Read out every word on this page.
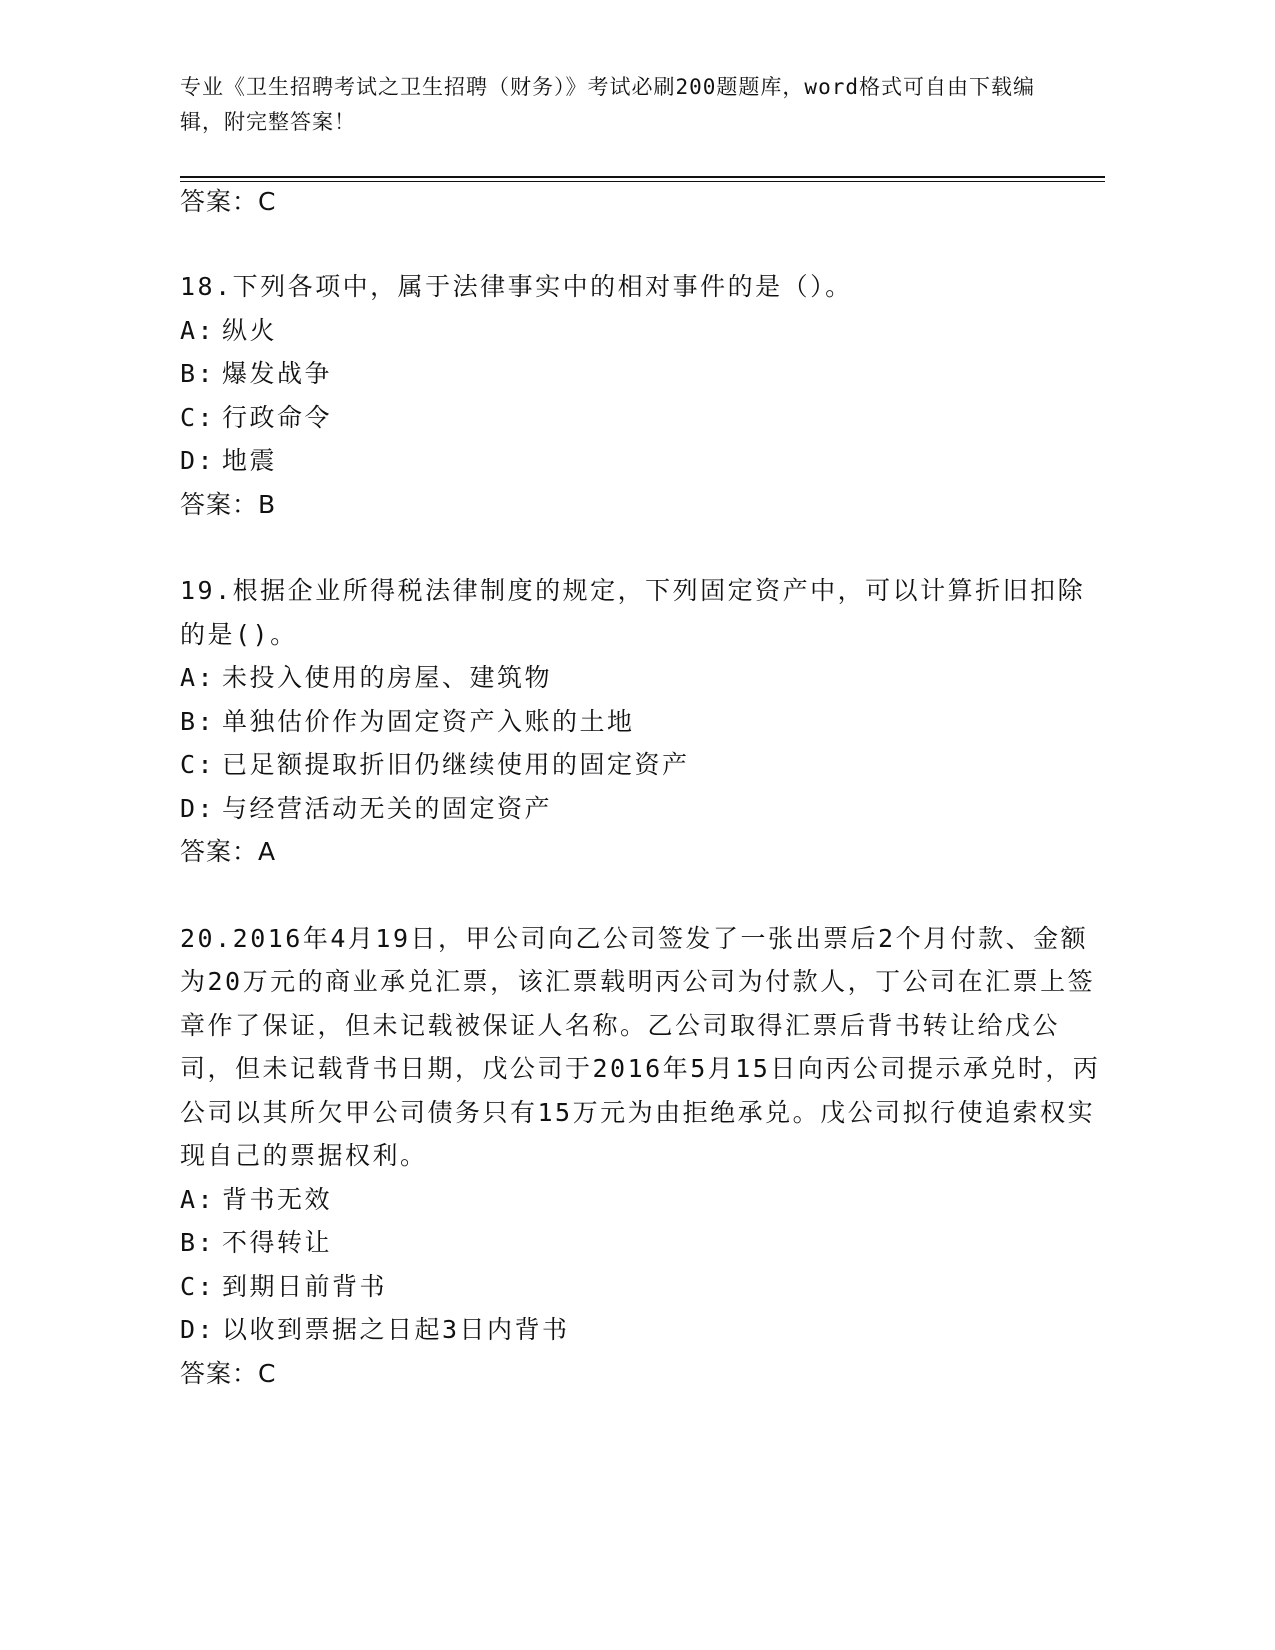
专业《卫生招聘考试之卫生招聘（财务）》考试必刷200题题库，word格式可自由下载编辑，附完整答案！
答案：C
18.下列各项中，属于法律事实中的相对事件的是（）。
A: 纵火
B: 爆发战争
C: 行政命令
D: 地震
答案：B
19.根据企业所得税法律制度的规定，下列固定资产中，可以计算折旧扣除的是()。
A: 未投入使用的房屋、建筑物
B: 单独估价作为固定资产入账的土地
C: 已足额提取折旧仍继续使用的固定资产
D: 与经营活动无关的固定资产
答案：A
20.2016年4月19日，甲公司向乙公司签发了一张出票后2个月付款、金额为20万元的商业承兑汇票，该汇票载明丙公司为付款人，丁公司在汇票上签章作了保证，但未记载被保证人名称。乙公司取得汇票后背书转让给戊公司，但未记载背书日期，戊公司于2016年5月15日向丙公司提示承兑时，丙公司以其所欠甲公司债务只有15万元为由拒绝承兑。戊公司拟行使追索权实现自己的票据权利。
A: 背书无效
B: 不得转让
C: 到期日前背书
D: 以收到票据之日起3日内背书
答案：C
